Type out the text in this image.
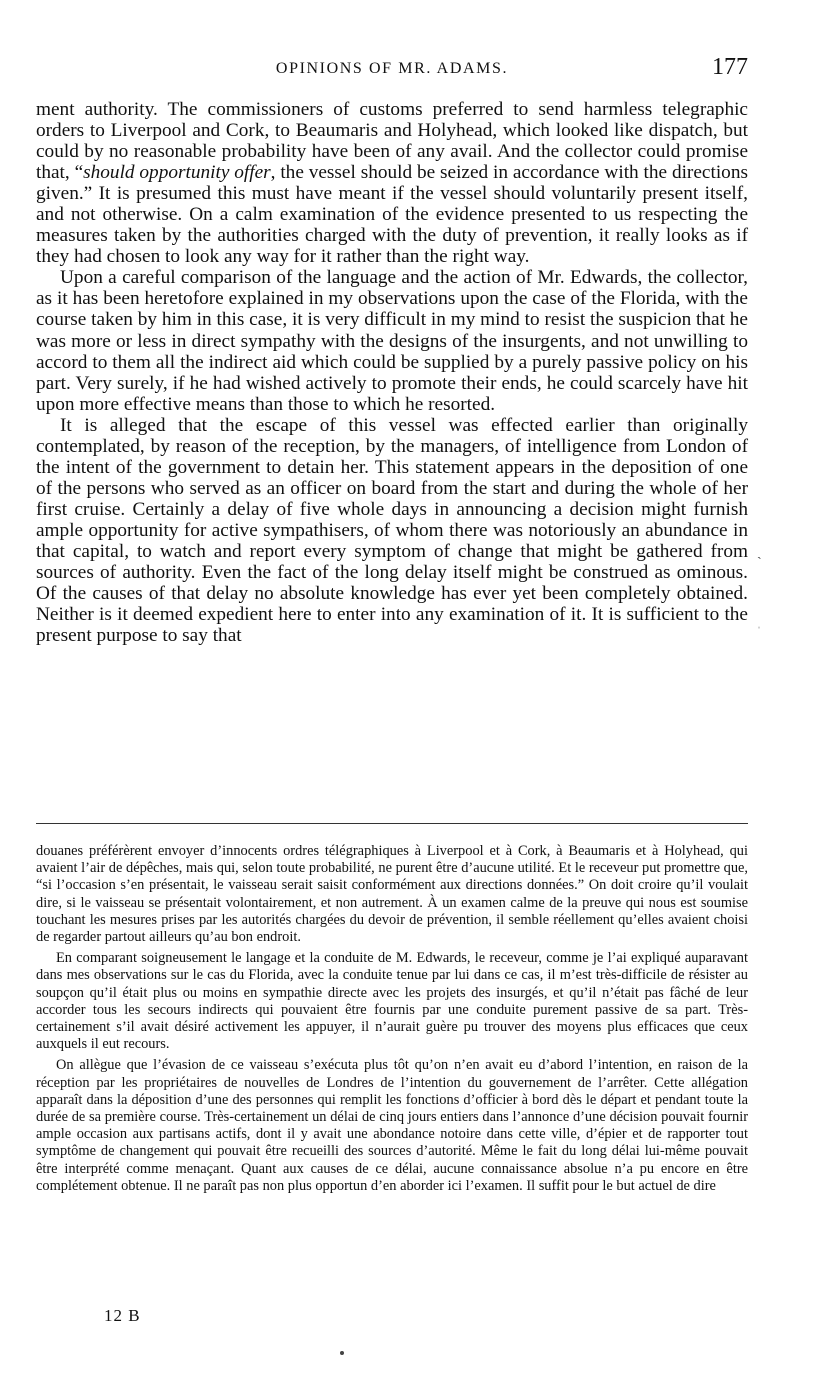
OPINIONS OF MR. ADAMS.	177

ment authority. The commissioners of customs preferred to send harmless telegraphic orders to Liverpool and Cork, to Beaumaris and Holyhead, which looked like dispatch, but could by no reasonable probability have been of any avail. And the collector could promise that, “should opportunity offer, the vessel should be seized in accordance with the directions given.” It is presumed this must have meant if the vessel should voluntarily present itself, and not otherwise. On a calm examination of the evidence presented to us respecting the measures taken by the authorities charged with the duty of prevention, it really looks as if they had chosen to look any way for it rather than the right way.

Upon a careful comparison of the language and the action of Mr. Edwards, the collector, as it has been heretofore explained in my observations upon the case of the Florida, with the course taken by him in this case, it is very difficult in my mind to resist the suspicion that he was more or less in direct sympathy with the designs of the insurgents, and not unwilling to accord to them all the indirect aid which could be supplied by a purely passive policy on his part. Very surely, if he had wished actively to promote their ends, he could scarcely have hit upon more effective means than those to which he resorted.

It is alleged that the escape of this vessel was effected earlier than originally contemplated, by reason of the reception, by the managers, of intelligence from London of the intent of the government to detain her. This statement appears in the deposition of one of the persons who served as an officer on board from the start and during the whole of her first cruise. Certainly a delay of five whole days in announcing a decision might furnish ample opportunity for active sympathisers, of whom there was notoriously an abundance in that capital, to watch and report every symptom of change that might be gathered from sources of authority. Even the fact of the long delay itself might be construed as ominous. Of the causes of that delay no absolute knowledge has ever yet been completely obtained. Neither is it deemed expedient here to enter into any examination of it. It is sufficient to the present purpose to say that

douanes préférèrent envoyer d’innocents ordres télégraphiques à Liverpool et à Cork, à Beaumaris et à Holyhead, qui avaient l’air de dépêches, mais qui, selon toute probabilité, ne purent être d’aucune utilité. Et le receveur put promettre que, “si l’occasion s’en présentait, le vaisseau serait saisit conformément aux directions données.” On doit croire qu’il voulait dire, si le vaisseau se présentait volontairement, et non autrement. À un examen calme de la preuve qui nous est soumise touchant les mesures prises par les autorités chargées du devoir de prévention, il semble réellement qu’elles avaient choisi de regarder partout ailleurs qu’au bon endroit.

En comparant soigneusement le langage et la conduite de M. Edwards, le receveur, comme je l’ai expliqué auparavant dans mes observations sur le cas du Florida, avec la conduite tenue par lui dans ce cas, il m’est très-difficile de résister au soupçon qu’il était plus ou moins en sympathie directe avec les projets des insurgés, et qu’il n’était pas fâché de leur accorder tous les secours indirects qui pouvaient être fournis par une conduite purement passive de sa part. Très-certainement s’il avait désiré activement les appuyer, il n’aurait guère pu trouver des moyens plus efficaces que ceux auxquels il eut recours.

On allègue que l’évasion de ce vaisseau s’exécuta plus tôt qu’on n’en avait eu d’abord l’intention, en raison de la réception par les propriétaires de nouvelles de Londres de l’intention du gouvernement de l’arrêter. Cette allégation apparaît dans la déposition d’une des personnes qui remplit les fonctions d’officier à bord dès le départ et pendant toute la durée de sa première course. Très-certainement un délai de cinq jours entiers dans l’annonce d’une décision pouvait fournir ample occasion aux partisans actifs, dont il y avait une abondance notoire dans cette ville, d’épier et de rapporter tout symptôme de changement qui pouvait être recueilli des sources d’autorité. Même le fait du long délai lui-même pouvait être interprété comme menaçant. Quant aux causes de ce délai, aucune connaissance absolue n’a pu encore en être complétement obtenue. Il ne paraît pas non plus opportun d’en aborder ici l’examen. Il suffit pour le but actuel de dire

12 B
ˎ
ˈ
